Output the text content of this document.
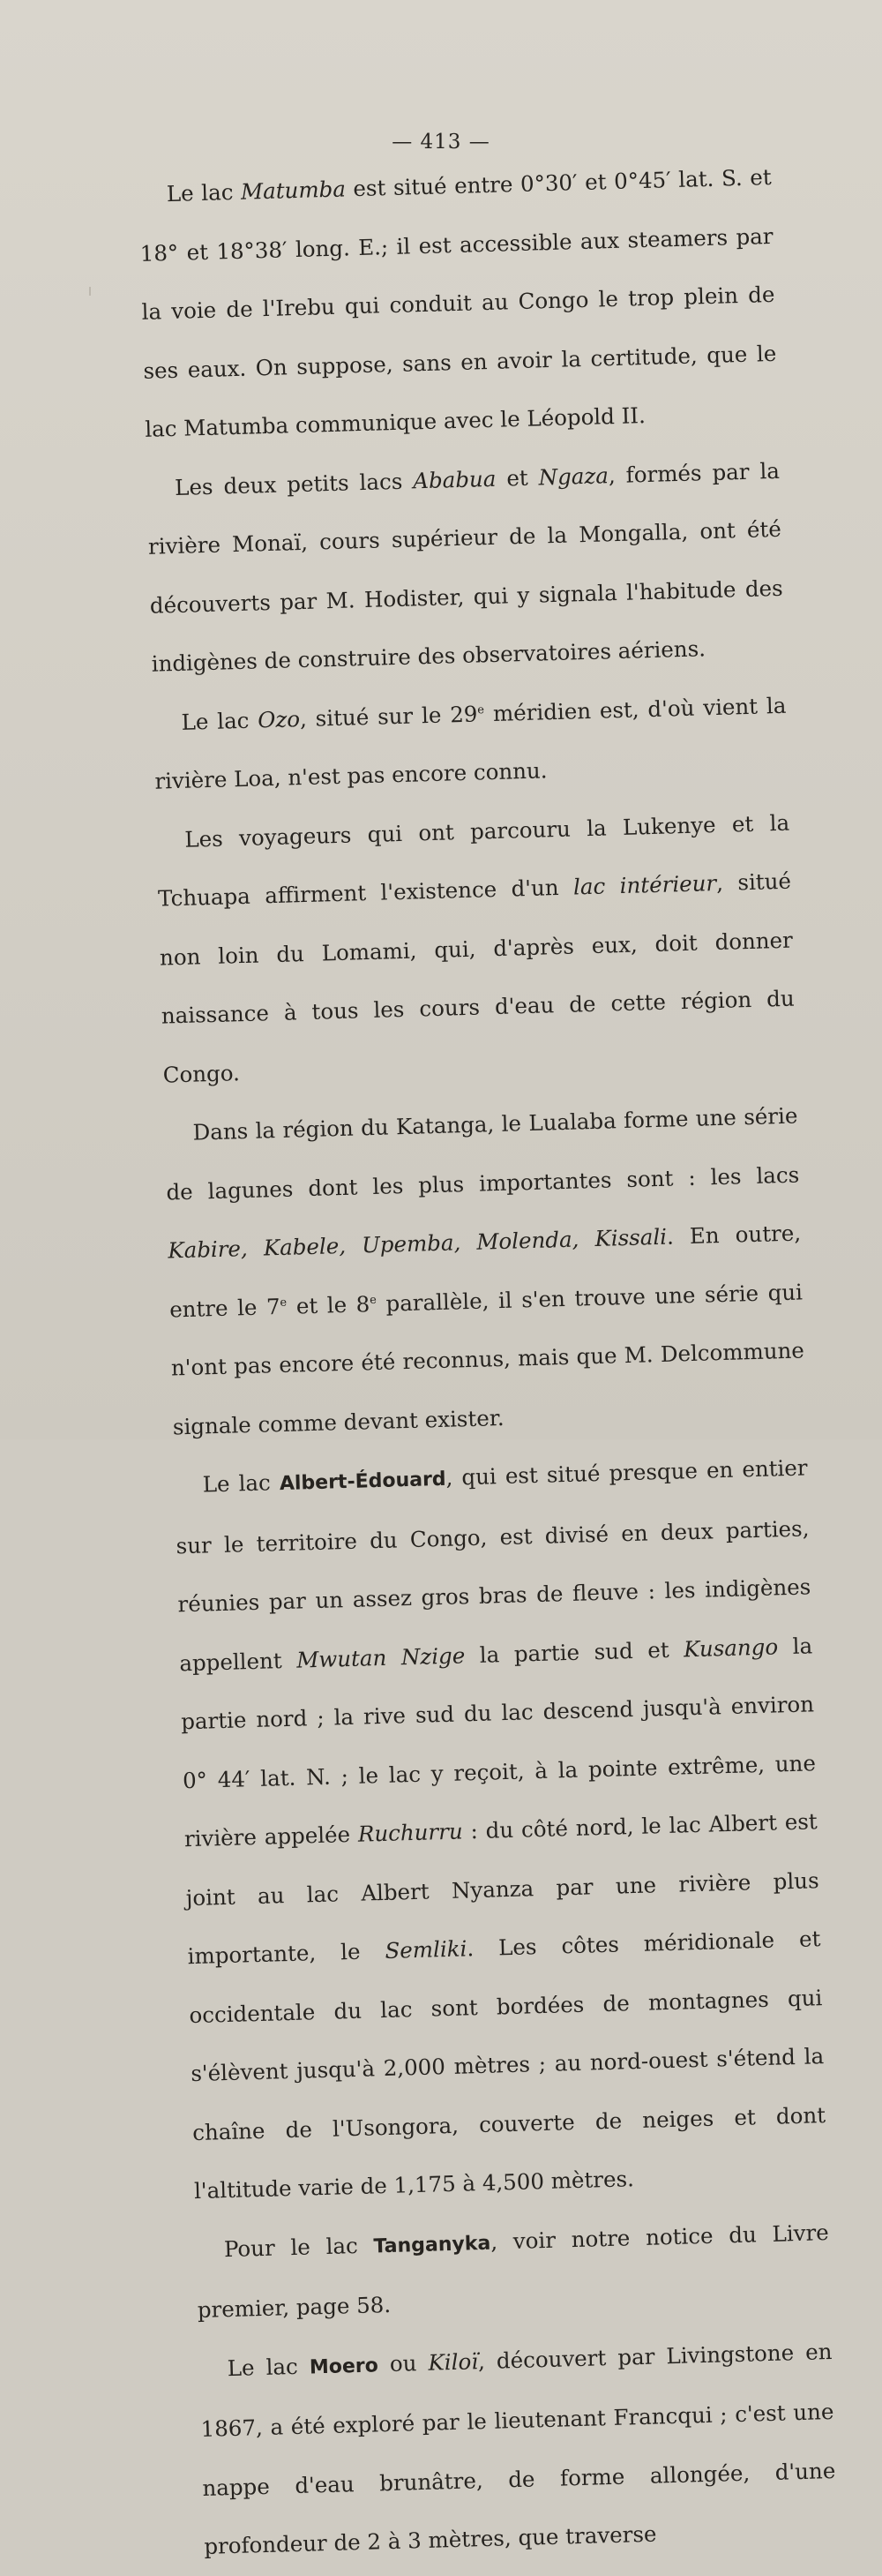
— 413 —

Le lac Matumba est situé entre 0°30′ et 0°45′ lat. S. et 18° et 18°38′ long. E.; il est accessible aux steamers par la voie de l'Irebu qui conduit au Congo le trop plein de ses eaux. On suppose, sans en avoir la certitude, que le lac Matumba communique avec le Léopold II.

Les deux petits lacs Ababua et Ngaza, formés par la rivière Monaï, cours supérieur de la Mongalla, ont été découverts par M. Hodister, qui y signala l'habitude des indigènes de construire des observatoires aériens.

Le lac Ozo, situé sur le 29e méridien est, d'où vient la rivière Loa, n'est pas encore connu.

Les voyageurs qui ont parcouru la Lukenye et la Tchuapa affirment l'existence d'un lac intérieur, situé non loin du Lomami, qui, d'après eux, doit donner naissance à tous les cours d'eau de cette région du Congo.

Dans la région du Katanga, le Lualaba forme une série de lagunes dont les plus importantes sont : les lacs Kabire, Kabele, Upemba, Molenda, Kissali. En outre, entre le 7e et le 8e parallèle, il s'en trouve une série qui n'ont pas encore été reconnus, mais que M. Delcommune signale comme devant exister.

Le lac Albert-Édouard, qui est situé presque en entier sur le territoire du Congo, est divisé en deux parties, réunies par un assez gros bras de fleuve : les indigènes appellent Mwutan Nzige la partie sud et Kusango la partie nord ; la rive sud du lac descend jusqu'à environ 0° 44′ lat. N. ; le lac y reçoit, à la pointe extrême, une rivière appelée Ruchurru : du côté nord, le lac Albert est joint au lac Albert Nyanza par une rivière plus importante, le Semliki. Les côtes méridionale et occidentale du lac sont bordées de montagnes qui s'élèvent jusqu'à 2,000 mètres ; au nord-ouest s'étend la chaîne de l'Usongora, couverte de neiges et dont l'altitude varie de 1,175 à 4,500 mètres.

Pour le lac Tanganyka, voir notre notice du Livre premier, page 58.

Le lac Moero ou Kiloï, découvert par Livingstone en 1867, a été exploré par le lieutenant Francqui ; c'est une nappe d'eau brunâtre, de forme allongée, d'une profondeur de 2 à 3 mètres, que traverse
